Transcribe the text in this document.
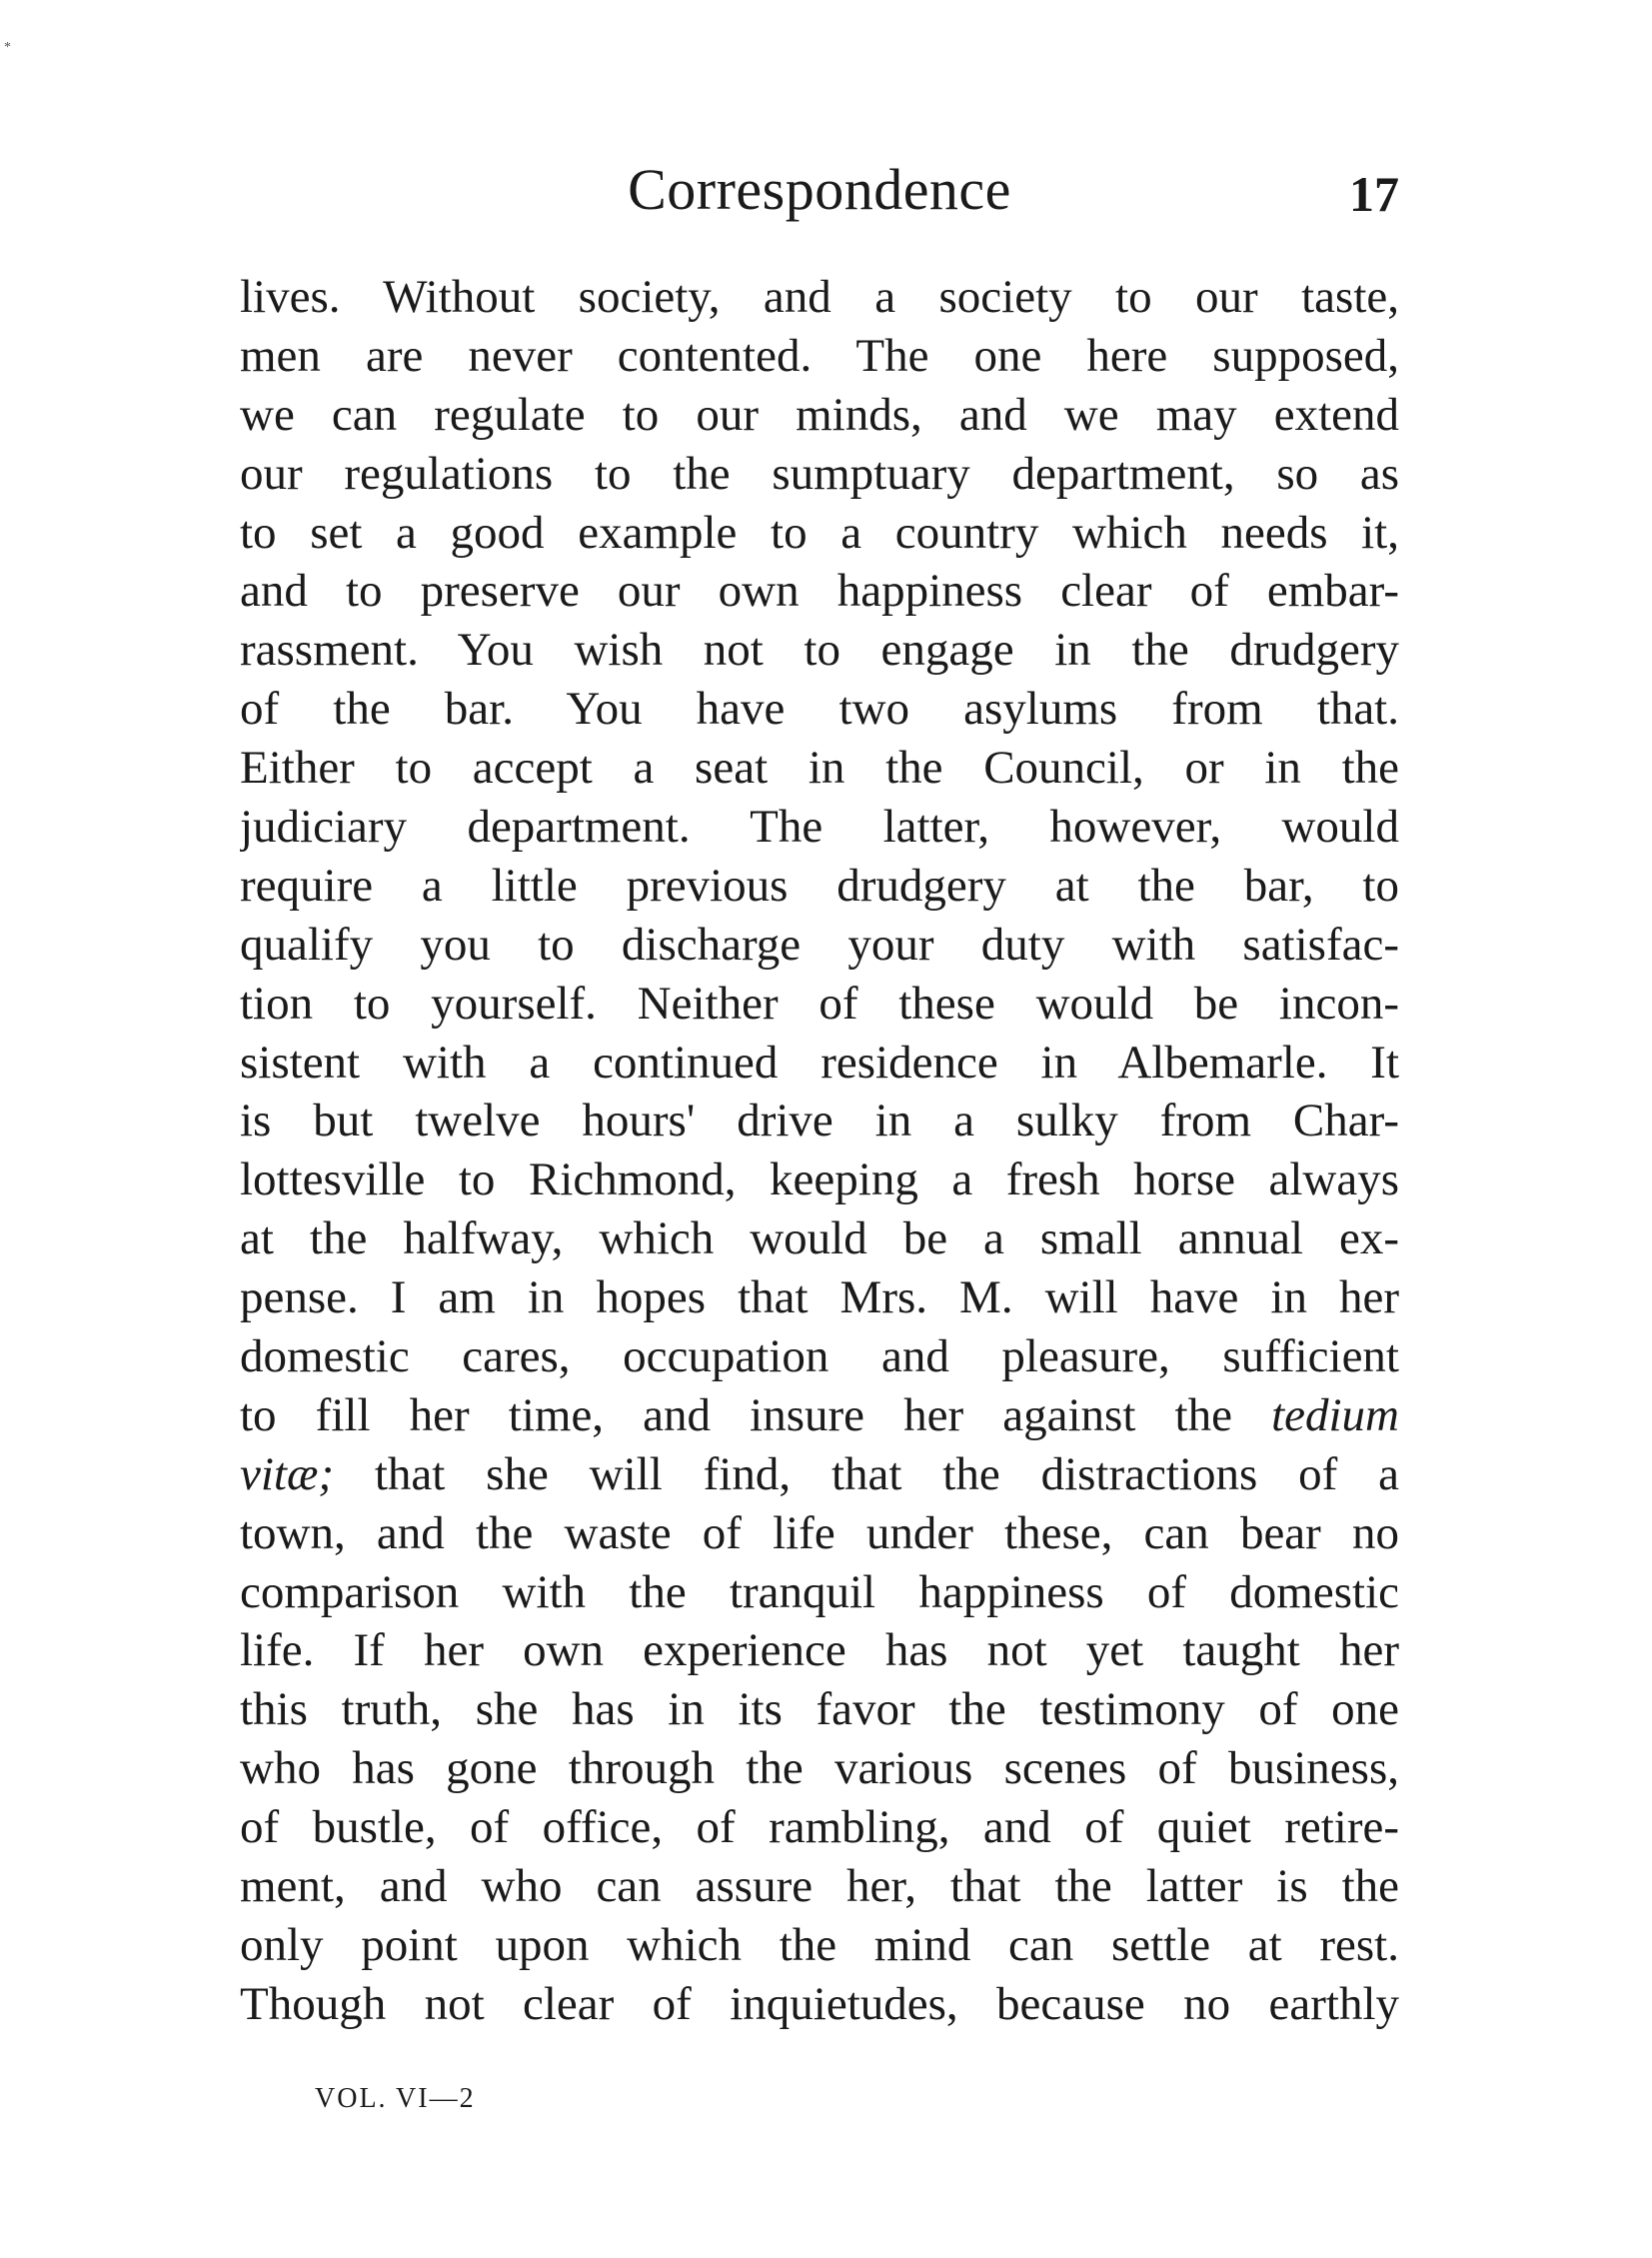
*
Correspondence	17
lives. Without society, and a society to our taste,
men are never contented. The one here supposed,
we can regulate to our minds, and we may extend
our regulations to the sumptuary department, so as
to set a good example to a country which needs it,
and to preserve our own happiness clear of embar-
rassment. You wish not to engage in the drudgery
of the bar. You have two asylums from that.
Either to accept a seat in the Council, or in the
judiciary department. The latter, however, would
require a little previous drudgery at the bar, to
qualify you to discharge your duty with satisfac-
tion to yourself. Neither of these would be incon-
sistent with a continued residence in Albemarle. It
is but twelve hours' drive in a sulky from Char-
lottesville to Richmond, keeping a fresh horse always
at the halfway, which would be a small annual ex-
pense. I am in hopes that Mrs. M. will have in her
domestic cares, occupation and pleasure, sufficient
to fill her time, and insure her against the tedium
vitæ; that she will find, that the distractions of a
town, and the waste of life under these, can bear no
comparison with the tranquil happiness of domestic
life. If her own experience has not yet taught her
this truth, she has in its favor the testimony of one
who has gone through the various scenes of business,
of bustle, of office, of rambling, and of quiet retire-
ment, and who can assure her, that the latter is the
only point upon which the mind can settle at rest.
Though not clear of inquietudes, because no earthly
VOL. VI—2
